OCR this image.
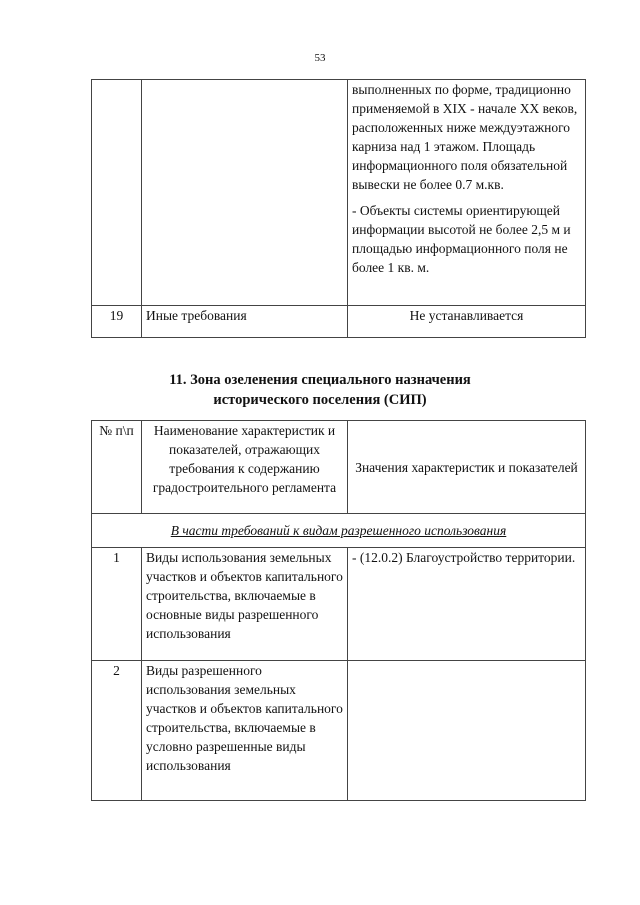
53

		выполненных по форме, традиционно применяемой в XIX - начале XX веков, расположенных ниже междуэтажного карниза над 1 этажом. Площадь информационного поля обязательной вывески не более 0.7 м.кв.
- Объекты системы ориентирующей информации высотой не более 2,5 м и площадью информационного поля не более 1 кв. м.

19	Иные требования	Не устанавливается
11. Зона озеленения специального назначения
исторического поселения (СИП)
№ п\п	Наименование характеристик и показателей, отражающих требования к содержанию градостроительного регламента	Значения характеристик и показателей
В части требований к видам разрешенного использования		
1	Виды использования земельных участков и объектов капитального строительства, включаемые в основные виды разрешенного использования	- (12.0.2) Благоустройство территории.
2	Виды разрешенного использования земельных участков и объектов капитального строительства, включаемые в условно разрешенные виды использования	
